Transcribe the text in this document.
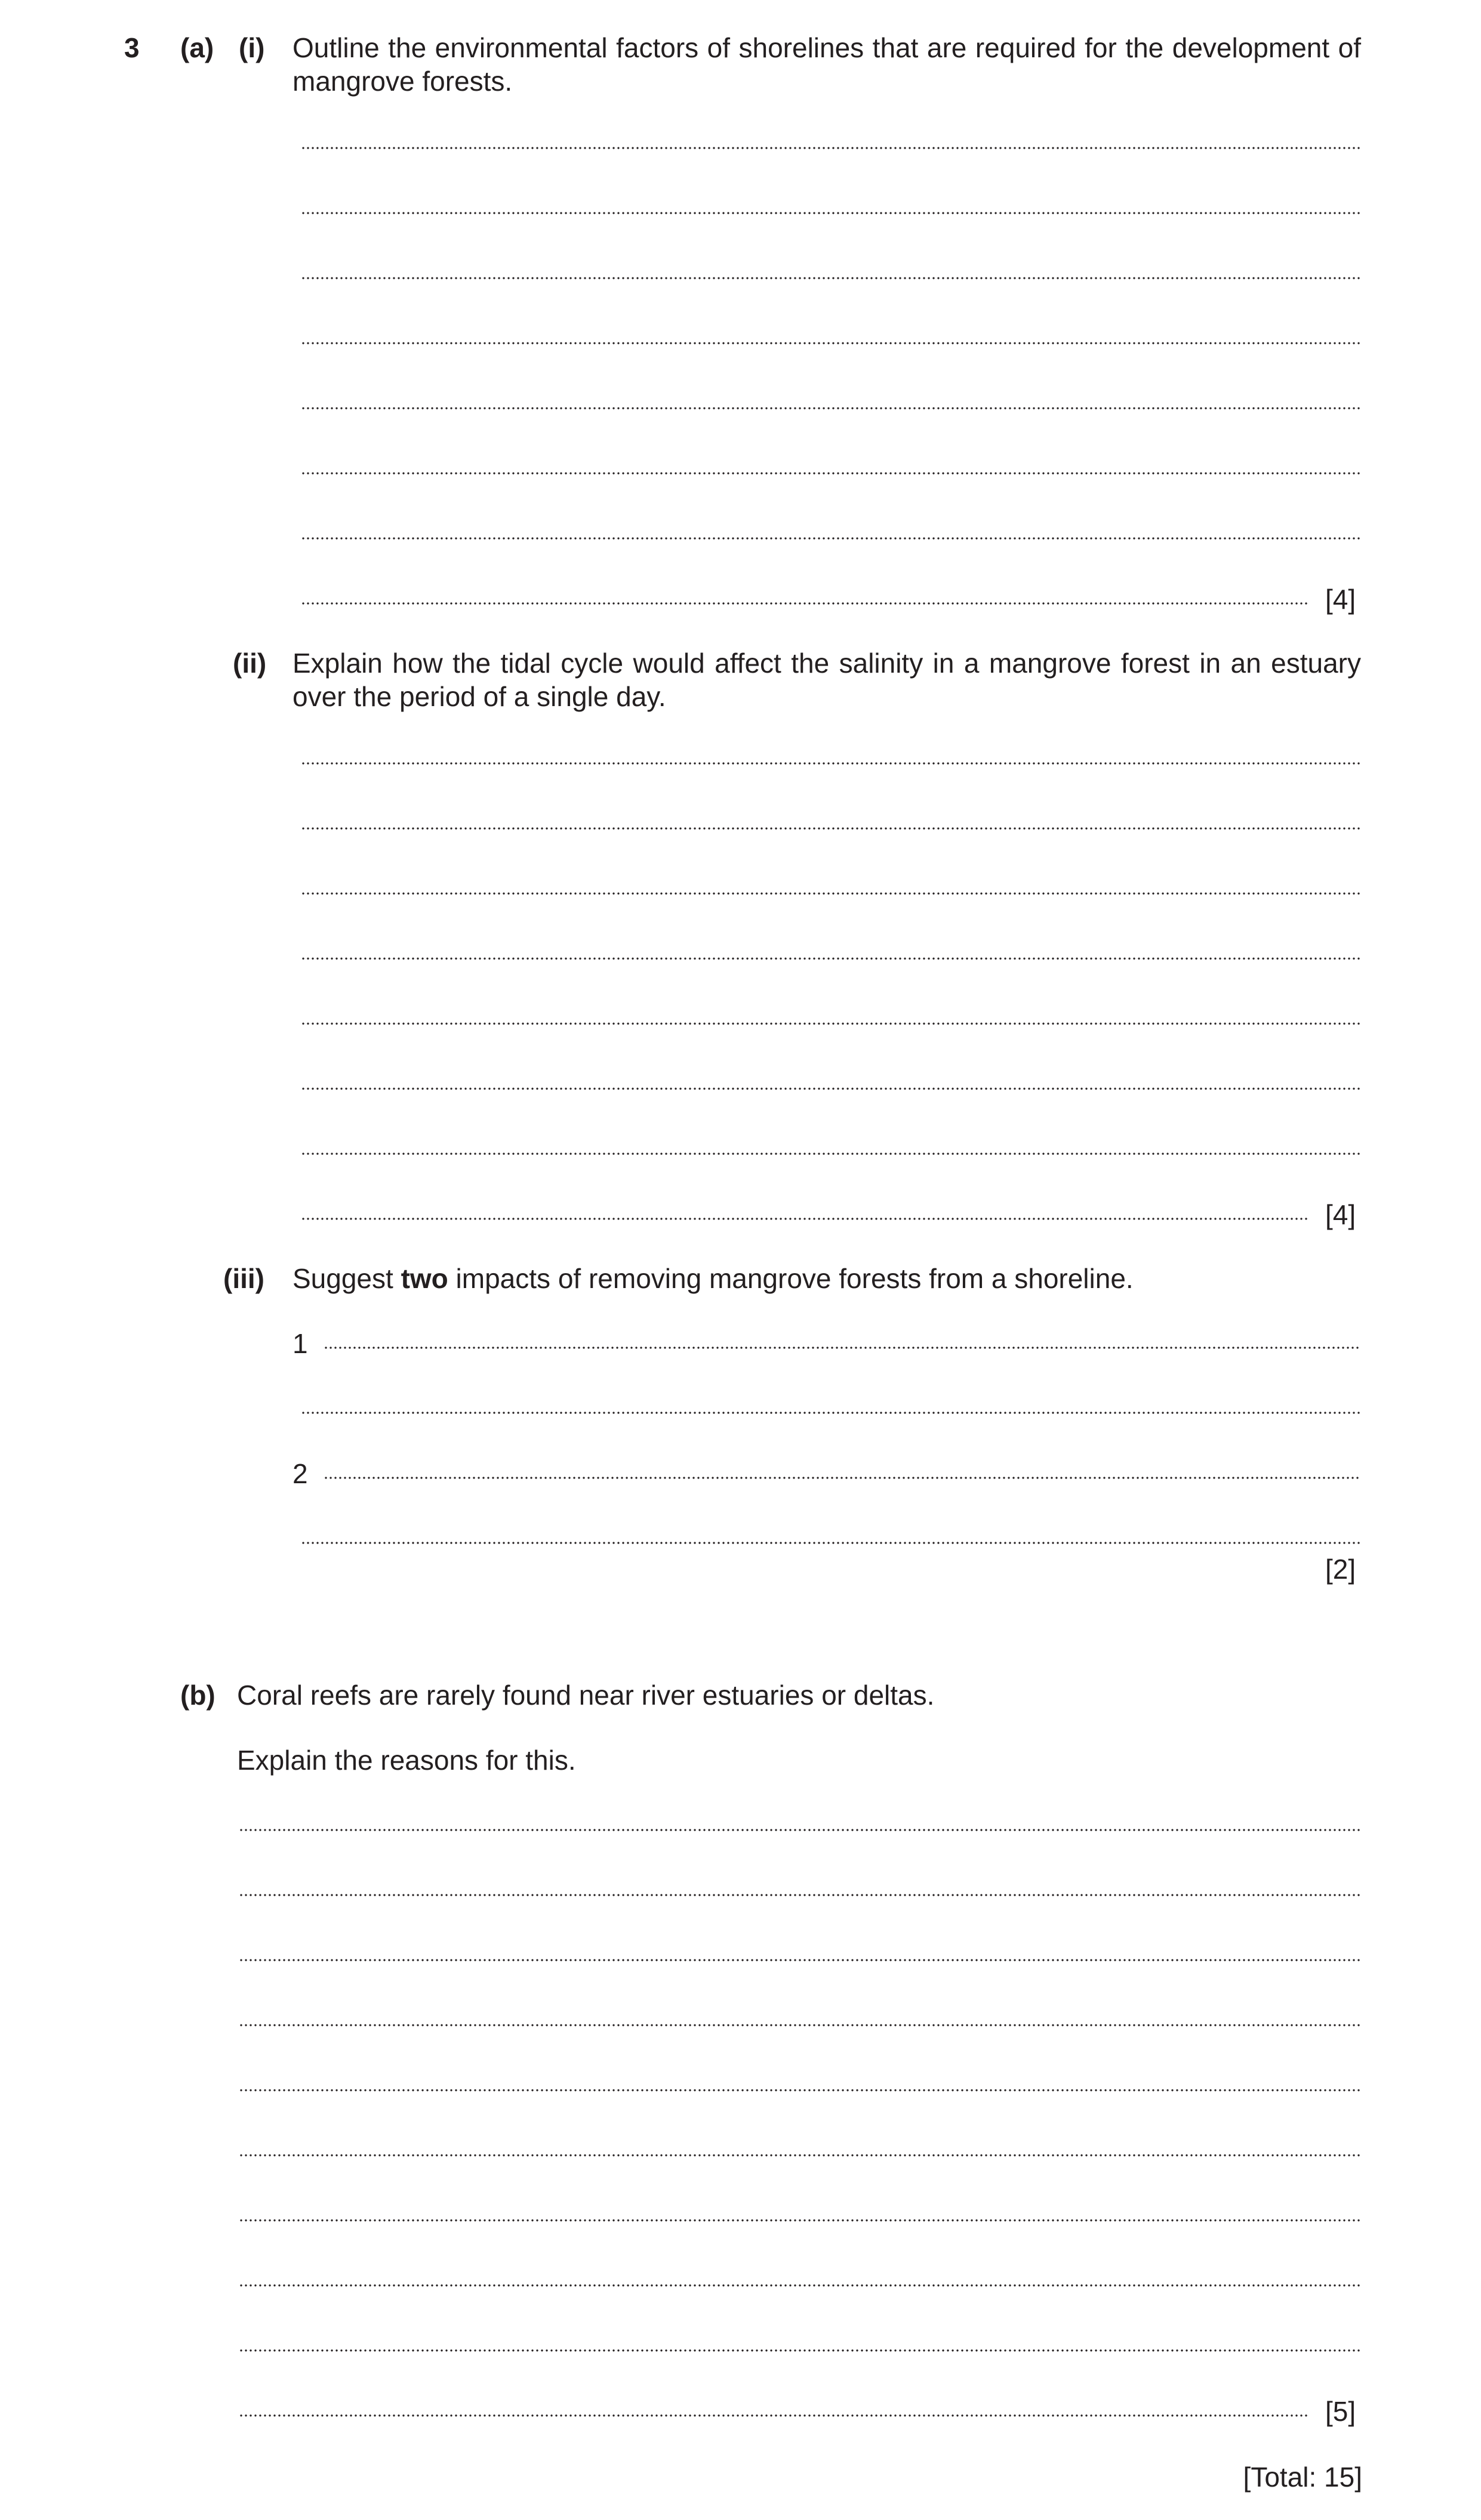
3 (a) (i) Outline the environmental factors of shorelines that are required for the development of mangrove forests.
[4]
(ii) Explain how the tidal cycle would affect the salinity in a mangrove forest in an estuary over the period of a single day.
[4]
(iii) Suggest two impacts of removing mangrove forests from a shoreline.
1
2
[2]
(b) Coral reefs are rarely found near river estuaries or deltas.
Explain the reasons for this.
[5]
[Total: 15]
